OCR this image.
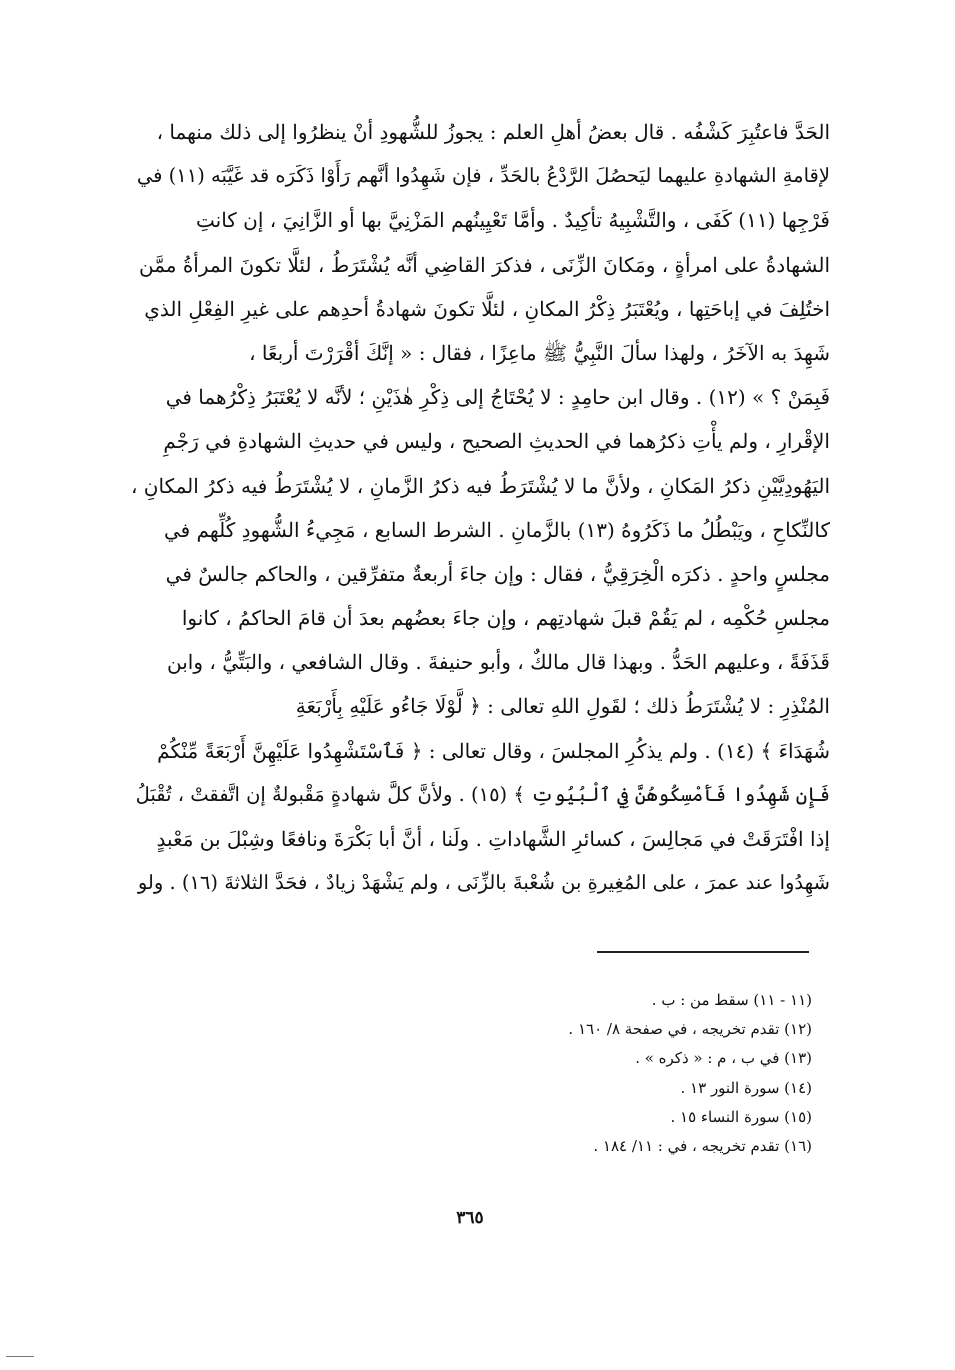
الحَدَّ فاعتُبِرَ كَشْفُه . قال بعضُ أهلِ العلم : يجوزُ للشُّهودِ أنْ ينظرُوا إلى ذلك منهما ،
لإقامةِ الشهادةِ عليهما ليَحصُلَ الرَّدْعُ بالحَدِّ ، فإن شَهِدُوا أنَّهم رَأَوْا ذَكَرَه قد غَيَّبَه (١١) في
فَرْجِها (١١) كَفَى ، والتَّشْبِيهُ تأكِيدٌ . وأمَّا تَعْيِينُهم المَزْنِيَّ بها أو الزَّانِيَ ، إن كانتِ
الشهادةُ على امرأةٍ ، ومَكانَ الزِّنَى ، فذكرَ القاضِي أنَّه يُشْتَرَطُ ، لئلَّا تكونَ المرأةُ ممَّن
اختُلِفَ في إباحَتِها ، ويُعْتَبَرُ ذِكْرُ المكانِ ، لئلَّا تكونَ شهادةُ أحدِهم على غيرِ الفِعْلِ الذي
شَهِدَ به الآخَرُ ، ولهذا سألَ النَّبِيُّ ﷺ ماعِزًا ، فقال : « إنَّكَ أقْرَرْتَ أربعًا ،
فَبِمَنْ ؟ » (١٢) . وقال ابن حامِدٍ : لا يُحْتَاجُ إلى ذِكْرِ هٰذَيْنِ ؛ لأنَّه لا يُعْتَبَرُ ذِكْرُهما في
الإقْرارِ ، ولم يأْتِ ذكرُهما في الحديثِ الصحيح ، وليس في حديثِ الشهادةِ في رَجْمِ
اليَهُودِيَّيْنِ ذكرُ المَكانِ ، ولأنَّ ما لا يُشْتَرَطُ فيه ذكرُ الزَّمانِ ، لا يُشْتَرَطُ فيه ذكرُ المكانِ ،
كالنِّكاحِ ، ويَبْطُلُ ما ذَكَرُوهُ (١٣) بالزَّمانِ . الشرط السابع ، مَجِيءُ الشُّهودِ كُلِّهم في
مجلسٍ واحدٍ . ذكرَه الْخِرَقِيُّ ، فقال : وإن جاءَ أربعةٌ متفرِّقين ، والحاكم جالسٌ في
مجلسِ حُكْمِه ، لم يَقُمْ قبلَ شهادتِهم ، وإن جاءَ بعضُهم بعدَ أن قامَ الحاكمُ ، كانوا
قَذَفَةً ، وعليهم الحَدُّ . وبهذا قال مالكٌ ، وأبو حنيفةَ . وقال الشافعي ، والبَتِّيُّ ، وابن
المُنْذِرِ : لا يُشْتَرَطُ ذلك ؛ لقَولِ اللهِ تعالى : ﴿ لَّوْلَا جَاءُو عَلَيْهِ بِأَرْبَعَةِ
شُهَدَاءَ ﴾ (١٤) . ولم يذكُرِ المجلسَ ، وقال تعالى : ﴿ فَٱسْتَشْهِدُوا عَلَيْهِنَّ أَرْبَعَةً مِّنْكُمْ
فَإِن شَهِدُوا فَأَمْسِكُوهُنَّ فِي ٱلْبُيُوتِ ﴾ (١٥) . ولأنَّ كلَّ شهادةٍ مَقْبولةٌ إن اتَّفقتْ ، تُقْبَلُ
إذا افْتَرَقَتْ في مَجالِسَ ، كسائرِ الشَّهاداتِ . ولَنا ، أنَّ أبا بَكْرَةَ ونافعًا وشِبْلَ بن مَعْبدٍ
شَهِدُوا عند عمرَ ، على المُغِيرةِ بن شُعْبةَ بالزِّنَى ، ولم يَشْهَدْ زيادٌ ، فحَدَّ الثلاثةَ (١٦) . ولو
(١١ - ١١) سقط من : ب .
(١٢) تقدم تخريجه ، في صفحة ٨/ ١٦٠ .
(١٣) في ب ، م : « ذكره » .
(١٤) سورة النور ١٣ .
(١٥) سورة النساء ١٥ .
(١٦) تقدم تخريجه ، في : ١١/ ١٨٤ .
٣٦٥
